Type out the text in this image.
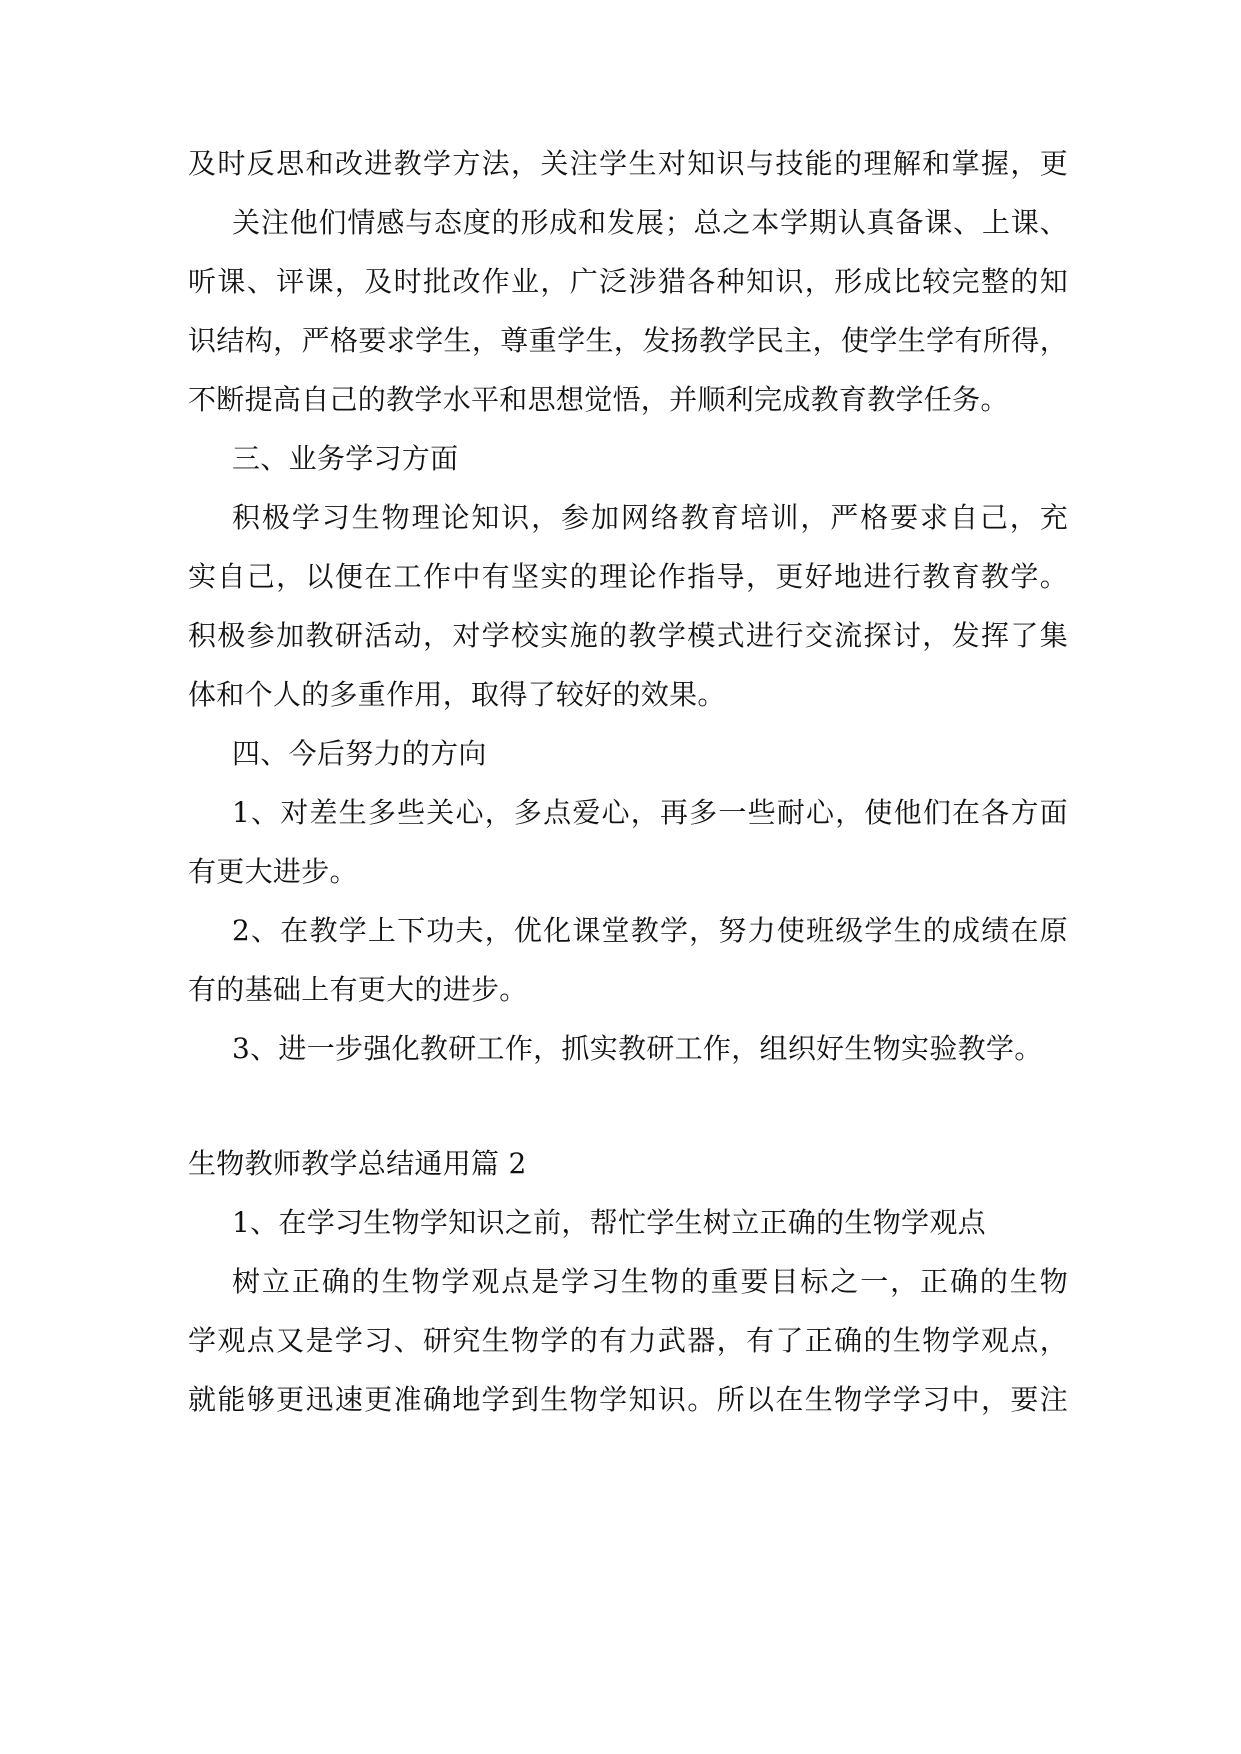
及时反思和改进教学方法，关注学生对知识与技能的理解和掌握，更
关注他们情感与态度的形成和发展；总之本学期认真备课、上课、
听课、评课，及时批改作业，广泛涉猎各种知识，形成比较完整的知
识结构，严格要求学生，尊重学生，发扬教学民主，使学生学有所得，
不断提高自己的教学水平和思想觉悟，并顺利完成教育教学任务。
三、业务学习方面
积极学习生物理论知识，参加网络教育培训，严格要求自己，充
实自己，以便在工作中有坚实的理论作指导，更好地进行教育教学。
积极参加教研活动，对学校实施的教学模式进行交流探讨，发挥了集
体和个人的多重作用，取得了较好的效果。
四、今后努力的方向
1、对差生多些关心，多点爱心，再多一些耐心，使他们在各方面
有更大进步。
2、在教学上下功夫，优化课堂教学，努力使班级学生的成绩在原
有的基础上有更大的进步。
3、进一步强化教研工作，抓实教研工作，组织好生物实验教学。
生物教师教学总结通用篇 2
1、在学习生物学知识之前，帮忙学生树立正确的生物学观点
树立正确的生物学观点是学习生物的重要目标之一，正确的生物
学观点又是学习、研究生物学的有力武器，有了正确的生物学观点，
就能够更迅速更准确地学到生物学知识。所以在生物学学习中，要注
